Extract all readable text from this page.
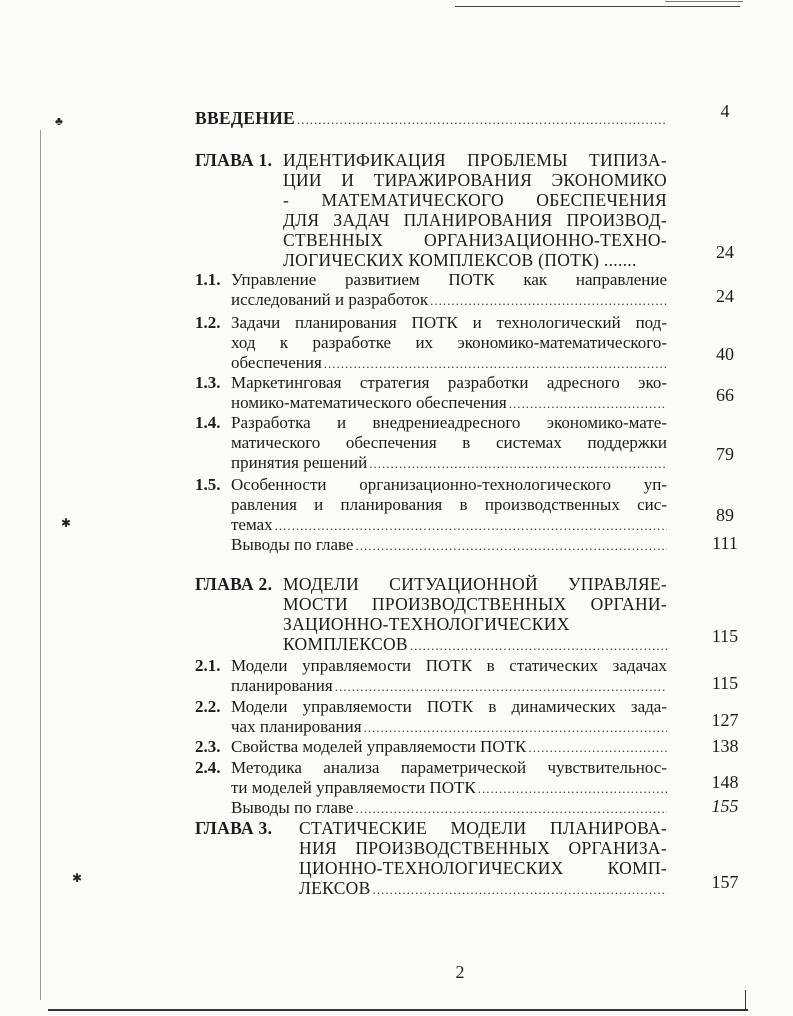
♣
✱
✱
ВВЕДЕНИЕ .....	4
ГЛАВА 1. ИДЕНТИФИКАЦИЯ ПРОБЛЕМЫ ТИПИЗА-
ЦИИ И ТИРАЖИРОВАНИЯ ЭКОНОМИКО
- МАТЕМАТИЧЕСКОГО ОБЕСПЕЧЕНИЯ
ДЛЯ ЗАДАЧ ПЛАНИРОВАНИЯ ПРОИЗВОД-
СТВЕННЫХ ОРГАНИЗАЦИОННО-ТЕХНО-
ЛОГИЧЕСКИХ КОМПЛЕКСОВ (ПОТК) .......	24
1.1. Управление развитием ПОТК как направление
исследований и разработок .....	24
1.2. Задачи планирования ПОТК и технологический под-
ход к разработке их экономико-математического-
обеспечения .....	40
1.3. Маркетинговая стратегия разработки адресного эко-
номико-математического обеспечения .....	66
1.4. Разработка и внедрениеадресного экономико-мате-
матического обеспечения в системах поддержки
принятия решений .....	79
1.5. Особенности организационно-технологического уп-
равления и планирования в производственных сис-
темах
.....	89
Выводы по главе .....	111
ГЛАВА 2. МОДЕЛИ СИТУАЦИОННОЙ УПРАВЛЯЕ-
МОСТИ ПРОИЗВОДСТВЕННЫХ ОРГАНИ-
ЗАЦИОННО-ТЕХНОЛОГИЧЕСКИХ
КОМПЛЕКСОВ .....	115
2.1. Модели управляемости ПОТК в статических задачах
планирования .....	115
2.2. Модели управляемости ПОТК в динамических зада-
чах планирования .....	127
2.3. Свойства моделей управляемости ПОТК .....	138
2.4. Методика анализа параметрической чувствительнос-
ти моделей управляемости ПОТК .....	148
Выводы по главе .....	155
ГЛАВА 3. СТАТИЧЕСКИЕ МОДЕЛИ ПЛАНИРОВА-
НИЯ ПРОИЗВОДСТВЕННЫХ ОРГАНИЗА-
ЦИОННО-ТЕХНОЛОГИЧЕСКИХ КОМП-
ЛЕКСОВ .....	157
2
